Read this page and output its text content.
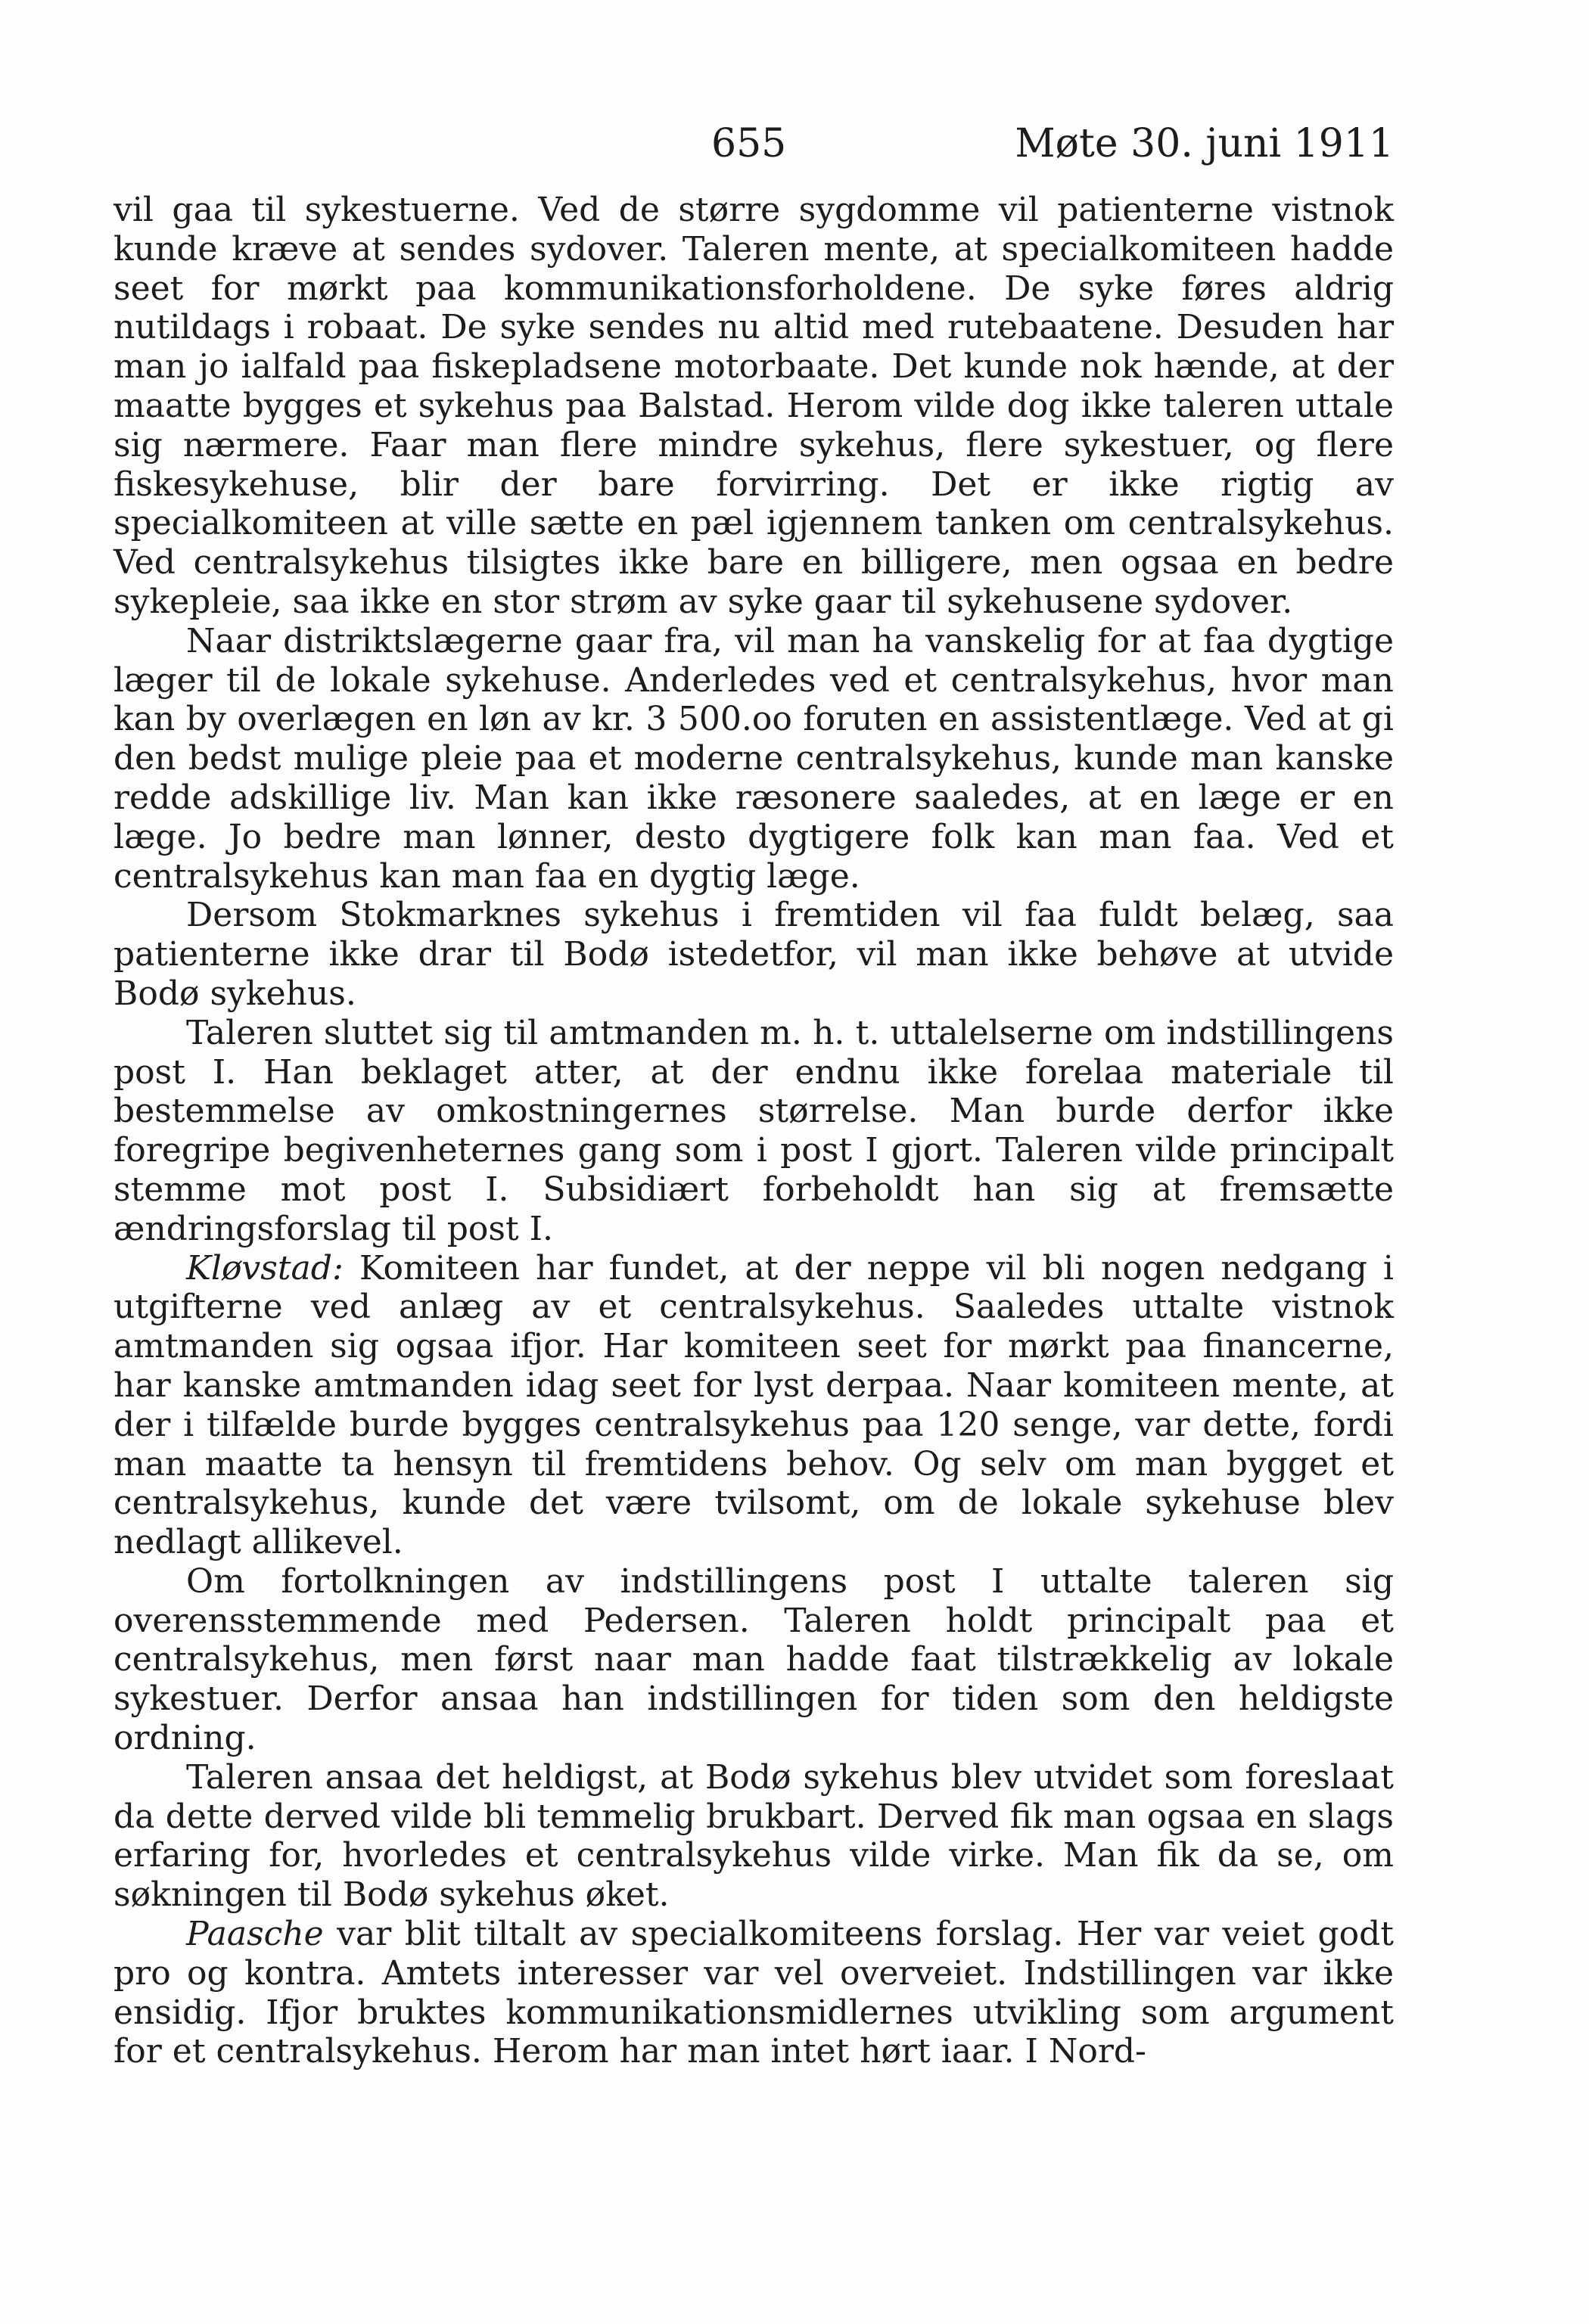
655	Møte 30. juni 1911

vil gaa til sykestuerne. Ved de større sygdomme vil patienterne vistnok kunde kræve at sendes sydover. Taleren mente, at specialkomiteen hadde seet for mørkt paa kommunikationsforholdene. De syke føres aldrig nutildags i robaat. De syke sendes nu altid med rutebaatene. Desuden har man jo ialfald paa fiskepladsene motorbaate. Det kunde nok hænde, at der maatte bygges et sykehus paa Balstad. Herom vilde dog ikke taleren uttale sig nærmere. Faar man flere mindre sykehus, flere sykestuer, og flere fiskesykehuse, blir der bare forvirring. Det er ikke rigtig av specialkomiteen at ville sætte en pæl igjennem tanken om centralsykehus. Ved centralsykehus tilsigtes ikke bare en billigere, men ogsaa en bedre sykepleie, saa ikke en stor strøm av syke gaar til sykehusene sydover.

Naar distriktslægerne gaar fra, vil man ha vanskelig for at faa dygtige læger til de lokale sykehuse. Anderledes ved et centralsykehus, hvor man kan by overlægen en løn av kr. 3 500.oo foruten en assistentlæge. Ved at gi den bedst mulige pleie paa et moderne centralsykehus, kunde man kanske redde adskillige liv. Man kan ikke ræsonere saaledes, at en læge er en læge. Jo bedre man lønner, desto dygtigere folk kan man faa. Ved et centralsykehus kan man faa en dygtig læge.

Dersom Stokmarknes sykehus i fremtiden vil faa fuldt belæg, saa patienterne ikke drar til Bodø istedetfor, vil man ikke behøve at utvide Bodø sykehus.

Taleren sluttet sig til amtmanden m. h. t. uttalelserne om indstillingens post I. Han beklaget atter, at der endnu ikke forelaa materiale til bestemmelse av omkostningernes størrelse. Man burde derfor ikke foregripe begivenheternes gang som i post I gjort. Taleren vilde principalt stemme mot post I. Subsidiært forbeholdt han sig at fremsætte ændringsforslag til post I.

Kløvstad: Komiteen har fundet, at der neppe vil bli nogen nedgang i utgifterne ved anlæg av et centralsykehus. Saaledes uttalte vistnok amtmanden sig ogsaa ifjor. Har komiteen seet for mørkt paa financerne, har kanske amtmanden idag seet for lyst derpaa. Naar komiteen mente, at der i tilfælde burde bygges centralsykehus paa 120 senge, var dette, fordi man maatte ta hensyn til fremtidens behov. Og selv om man bygget et centralsykehus, kunde det være tvilsomt, om de lokale sykehuse blev nedlagt allikevel.

Om fortolkningen av indstillingens post I uttalte taleren sig overensstemmende med Pedersen. Taleren holdt principalt paa et centralsykehus, men først naar man hadde faat tilstrækkelig av lokale sykestuer. Derfor ansaa han indstillingen for tiden som den heldigste ordning.

Taleren ansaa det heldigst, at Bodø sykehus blev utvidet som foreslaat da dette derved vilde bli temmelig brukbart. Derved fik man ogsaa en slags erfaring for, hvorledes et centralsykehus vilde virke. Man fik da se, om søkningen til Bodø sykehus øket.

Paasche var blit tiltalt av specialkomiteens forslag. Her var veiet godt pro og kontra. Amtets interesser var vel overveiet. Indstillingen var ikke ensidig. Ifjor bruktes kommunikationsmidlernes utvikling som argument for et centralsykehus. Herom har man intet hørt iaar. I Nord-
